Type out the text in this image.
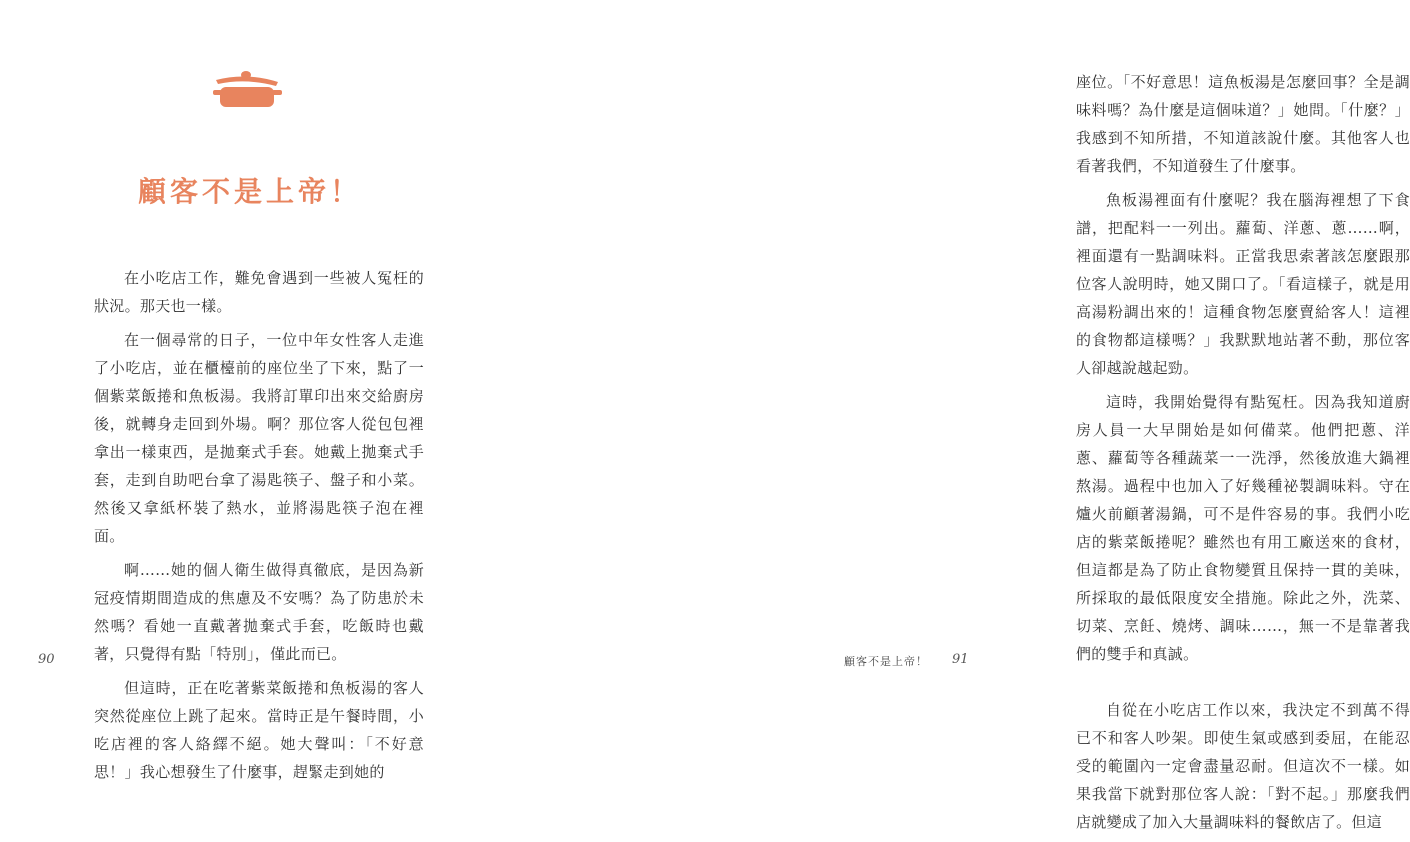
顧客不是上帝！

在小吃店工作，難免會遇到一些被人冤枉的狀況。那天也一樣。

在一個尋常的日子，一位中年女性客人走進了小吃店，並在櫃檯前的座位坐了下來，點了一個紫菜飯捲和魚板湯。我將訂單印出來交給廚房後，就轉身走回到外場。啊？那位客人從包包裡拿出一樣東西，是拋棄式手套。她戴上拋棄式手套，走到自助吧台拿了湯匙筷子、盤子和小菜。然後又拿紙杯裝了熱水，並將湯匙筷子泡在裡面。

啊……她的個人衛生做得真徹底，是因為新冠疫情期間造成的焦慮及不安嗎？為了防患於未然嗎？看她一直戴著拋棄式手套，吃飯時也戴著，只覺得有點「特別」，僅此而已。

但這時，正在吃著紫菜飯捲和魚板湯的客人突然從座位上跳了起來。當時正是午餐時間，小吃店裡的客人絡繹不絕。她大聲叫：「不好意思！」我心想發生了什麼事，趕緊走到她的

90

座位。「不好意思！這魚板湯是怎麼回事？全是調味料嗎？為什麼是這個味道？」她問。「什麼？」我感到不知所措，不知道該說什麼。其他客人也看著我們，不知道發生了什麼事。

魚板湯裡面有什麼呢？我在腦海裡想了下食譜，把配料一一列出。蘿蔔、洋蔥、蔥……啊，裡面還有一點調味料。正當我思索著該怎麼跟那位客人說明時，她又開口了。「看這樣子，就是用高湯粉調出來的！這種食物怎麼賣給客人！這裡的食物都這樣嗎？」我默默地站著不動，那位客人卻越說越起勁。

這時，我開始覺得有點冤枉。因為我知道廚房人員一大早開始是如何備菜。他們把蔥、洋蔥、蘿蔔等各種蔬菜一一洗淨，然後放進大鍋裡熬湯。過程中也加入了好幾種祕製調味料。守在爐火前顧著湯鍋，可不是件容易的事。我們小吃店的紫菜飯捲呢？雖然也有用工廠送來的食材，但這都是為了防止食物變質且保持一貫的美味，所採取的最低限度安全措施。除此之外，洗菜、切菜、烹飪、燒烤、調味……，無一不是靠著我們的雙手和真誠。

自從在小吃店工作以來，我決定不到萬不得已不和客人吵架。即使生氣或感到委屈，在能忍受的範圍內一定會盡量忍耐。但這次不一樣。如果我當下就對那位客人說：「對不起。」那麼我們店就變成了加入大量調味料的餐飲店了。但這

顧客不是上帝！ 91
